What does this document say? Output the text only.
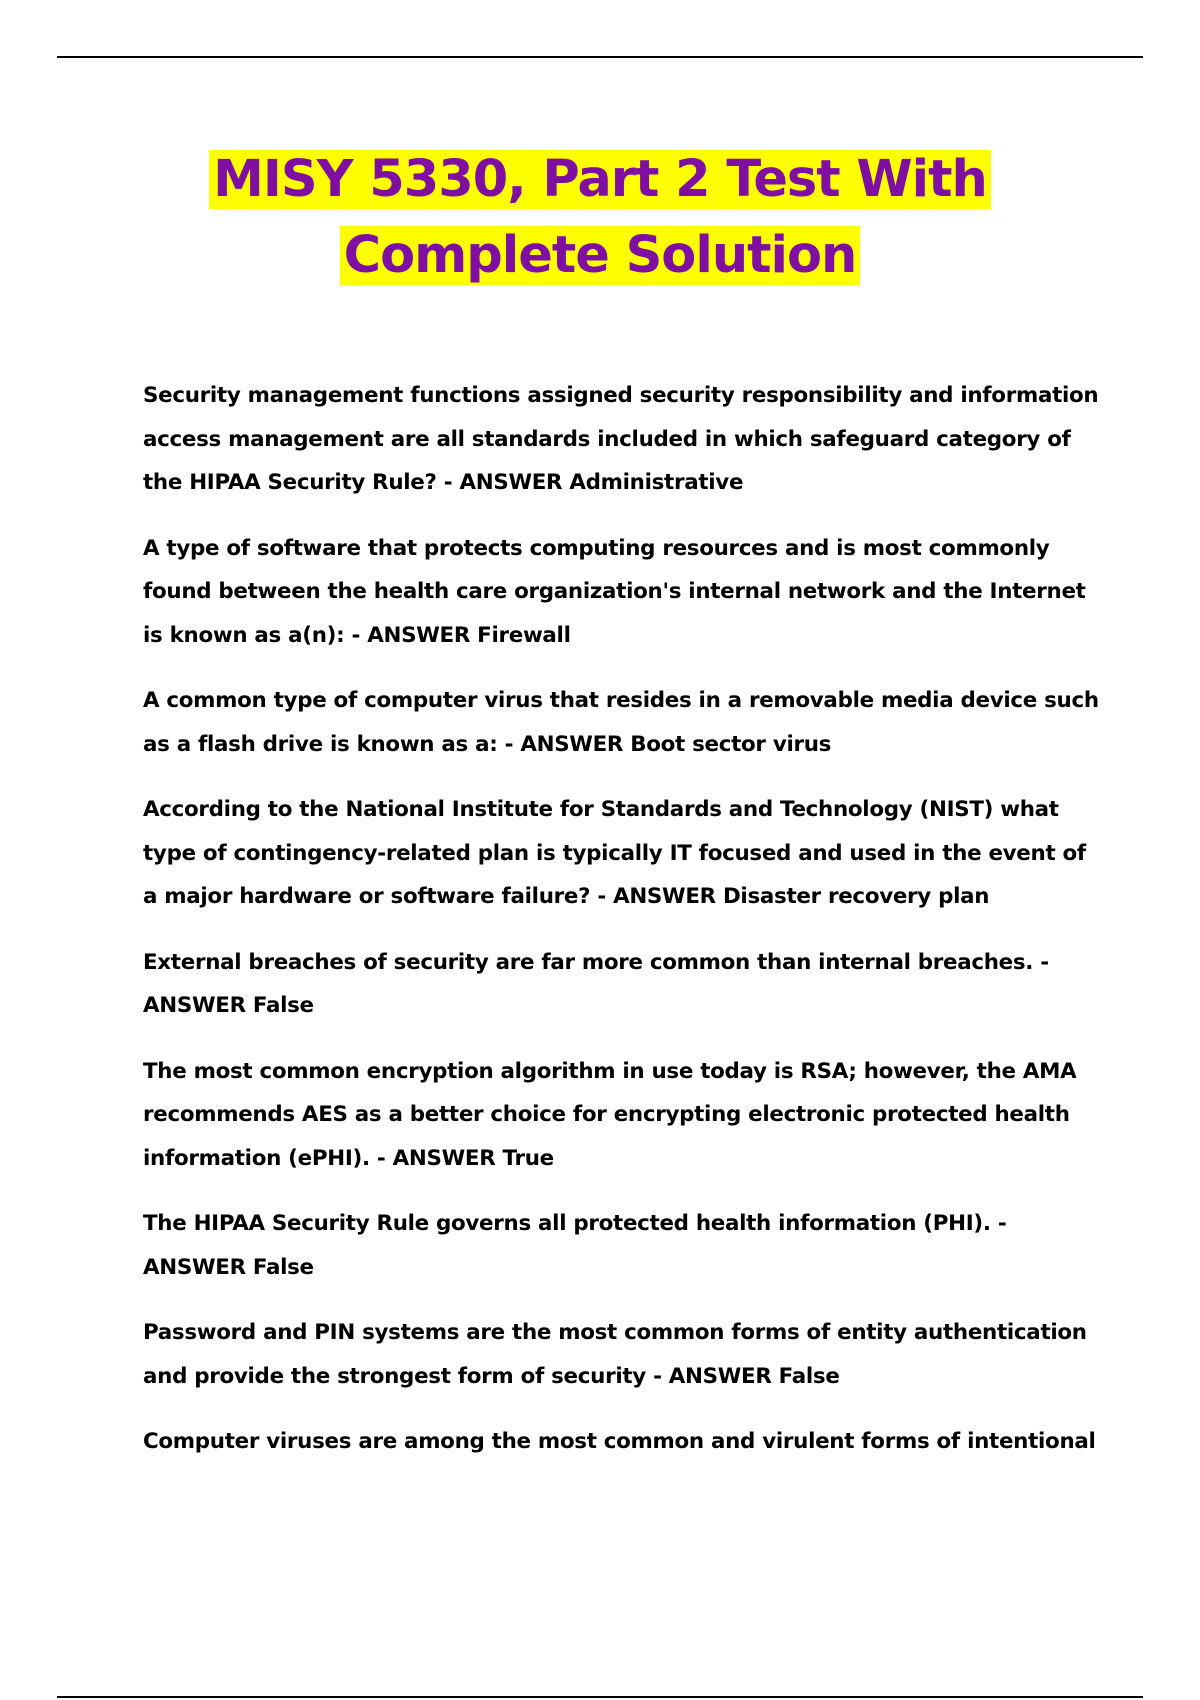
MISY 5330, Part 2 Test With
Complete Solution

Security management functions assigned security responsibility and information access management are all standards included in which safeguard category of the HIPAA Security Rule? - ANSWER Administrative

A type of software that protects computing resources and is most commonly found between the health care organization's internal network and the Internet is known as a(n): - ANSWER Firewall

A common type of computer virus that resides in a removable media device such as a flash drive is known as a: - ANSWER Boot sector virus

According to the National Institute for Standards and Technology (NIST) what type of contingency-related plan is typically IT focused and used in the event of a major hardware or software failure? - ANSWER Disaster recovery plan

External breaches of security are far more common than internal breaches. - ANSWER False

The most common encryption algorithm in use today is RSA; however, the AMA recommends AES as a better choice for encrypting electronic protected health information (ePHI). - ANSWER True

The HIPAA Security Rule governs all protected health information (PHI). - ANSWER False

Password and PIN systems are the most common forms of entity authentication and provide the strongest form of security - ANSWER False

Computer viruses are among the most common and virulent forms of intentional
